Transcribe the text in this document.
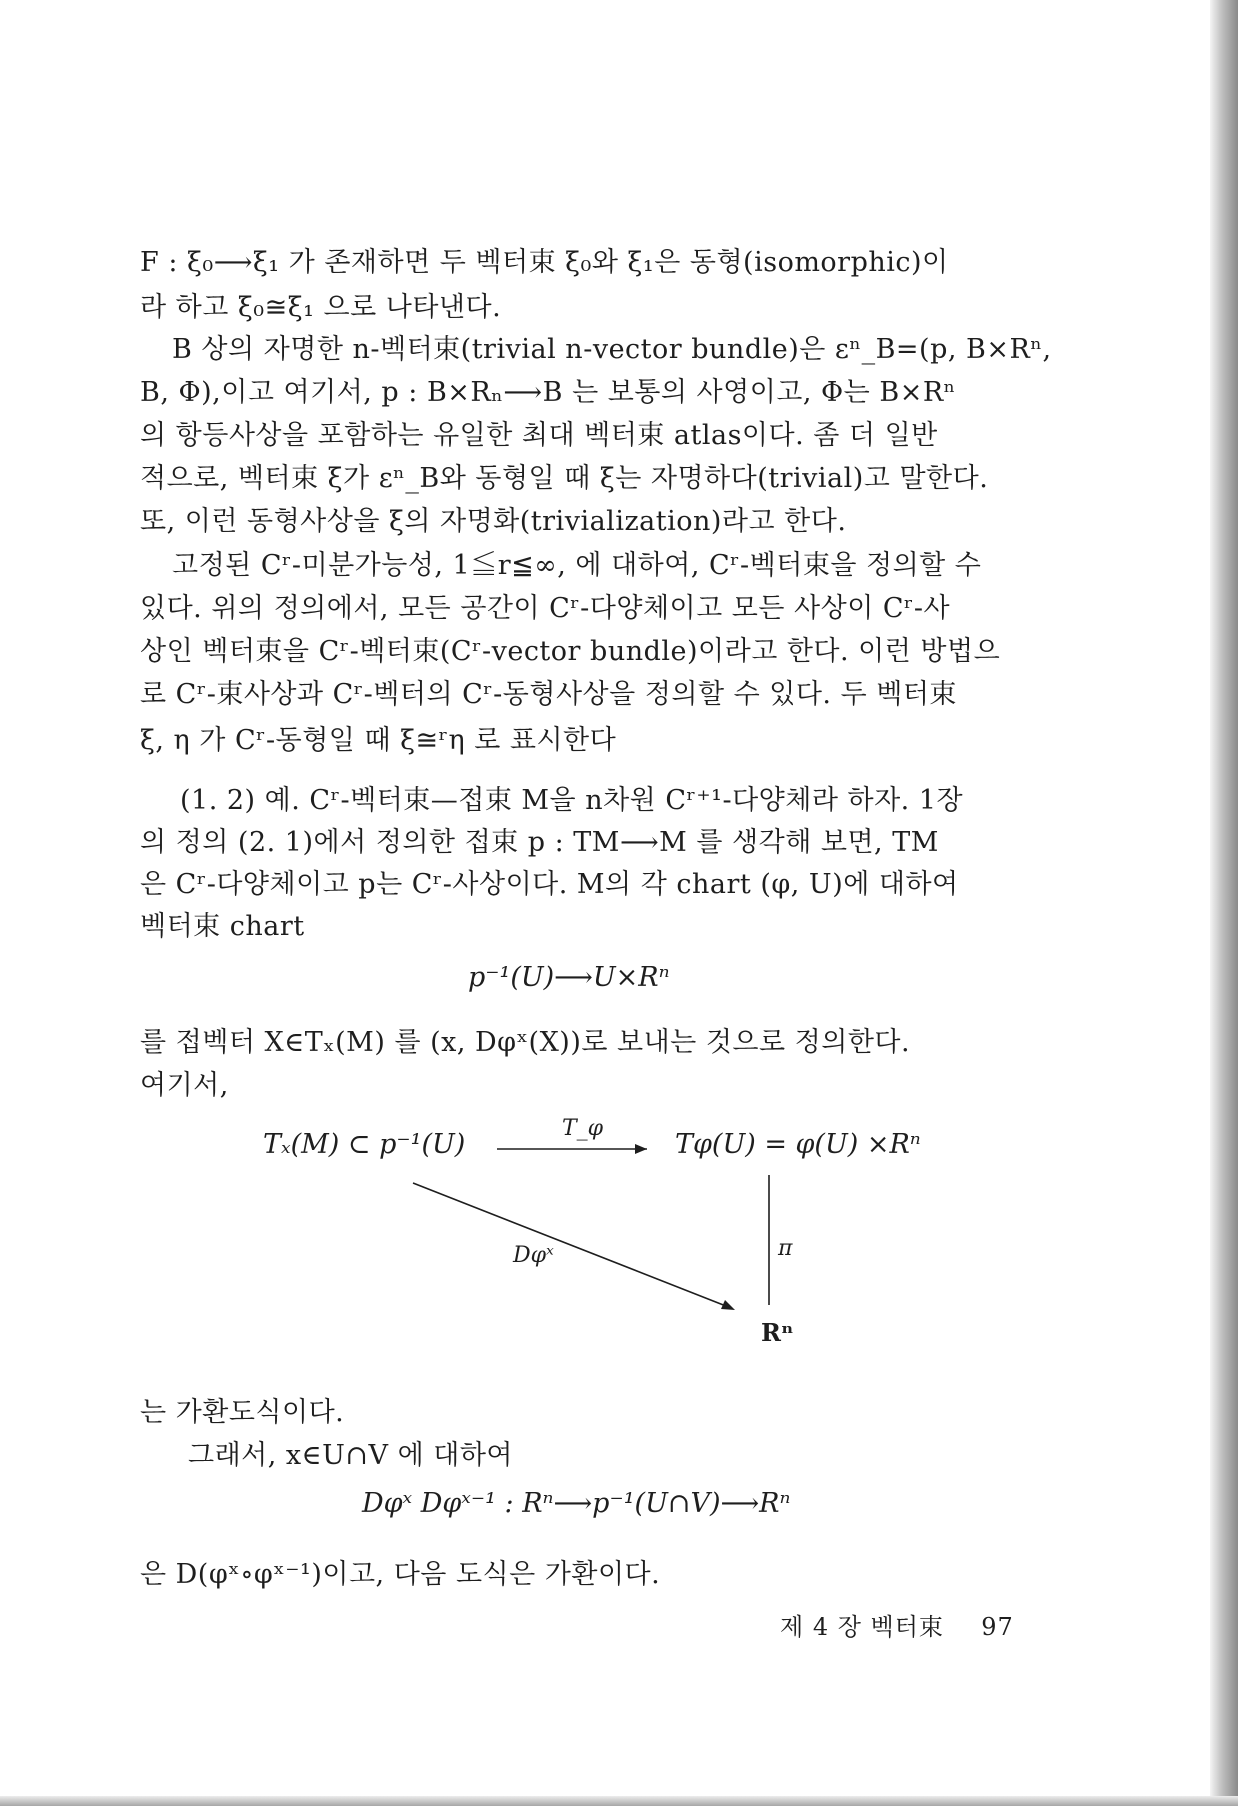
F : ξ₀⟶ξ₁ 가 존재하면 두 벡터束 ξ₀와 ξ₁은 동형(isomorphic)이
라 하고 ξ₀≅ξ₁ 으로 나타낸다.
B 상의 자명한 n-벡터束(trivial n-vector bundle)은 εⁿ_B=(p, B×Rⁿ,
B, Φ),이고 여기서, p : B×Rₙ⟶B 는 보통의 사영이고, Φ는 B×Rⁿ
의 항등사상을 포함하는 유일한 최대 벡터束 atlas이다. 좀 더 일반
적으로, 벡터束 ξ가 εⁿ_B와 동형일 때 ξ는 자명하다(trivial)고 말한다.
또, 이런 동형사상을 ξ의 자명화(trivialization)라고 한다.
고정된 Cʳ-미분가능성, 1≦r≦∞, 에 대하여, Cʳ-벡터束을 정의할 수
있다. 위의 정의에서, 모든 공간이 Cʳ-다양체이고 모든 사상이 Cʳ-사
상인 벡터束을 Cʳ-벡터束(Cʳ-vector bundle)이라고 한다. 이런 방법으
로 Cʳ-束사상과 Cʳ-벡터의 Cʳ-동형사상을 정의할 수 있다. 두 벡터束
ξ, η 가 Cʳ-동형일 때 ξ≅ʳη 로 표시한다
(1. 2) 예. Cʳ-벡터束—접束 M을 n차원 Cʳ⁺¹-다양체라 하자. 1장
의 정의 (2. 1)에서 정의한 접束 p : TM⟶M 를 생각해 보면, TM
은 Cʳ-다양체이고 p는 Cʳ-사상이다. M의 각 chart (φ, U)에 대하여
벡터束 chart
p⁻¹(U)⟶U×Rⁿ
를 접벡터 X∈Tₓ(M) 를 (x, Dφˣ(X))로 보내는 것으로 정의한다.
여기서,
Tₓ(M) ⊂ p⁻¹(U)
T_φ
Tφ(U) = φ(U) ×Rⁿ
Dφˣ	π
Rⁿ
는 가환도식이다.
그래서, x∈U∩V 에 대하여
Dφˣ Dφˣ⁻¹ : Rⁿ⟶p⁻¹(U∩V)⟶Rⁿ
은 D(φˣ∘φˣ⁻¹)이고, 다음 도식은 가환이다.
제 4 장 벡터束 97
